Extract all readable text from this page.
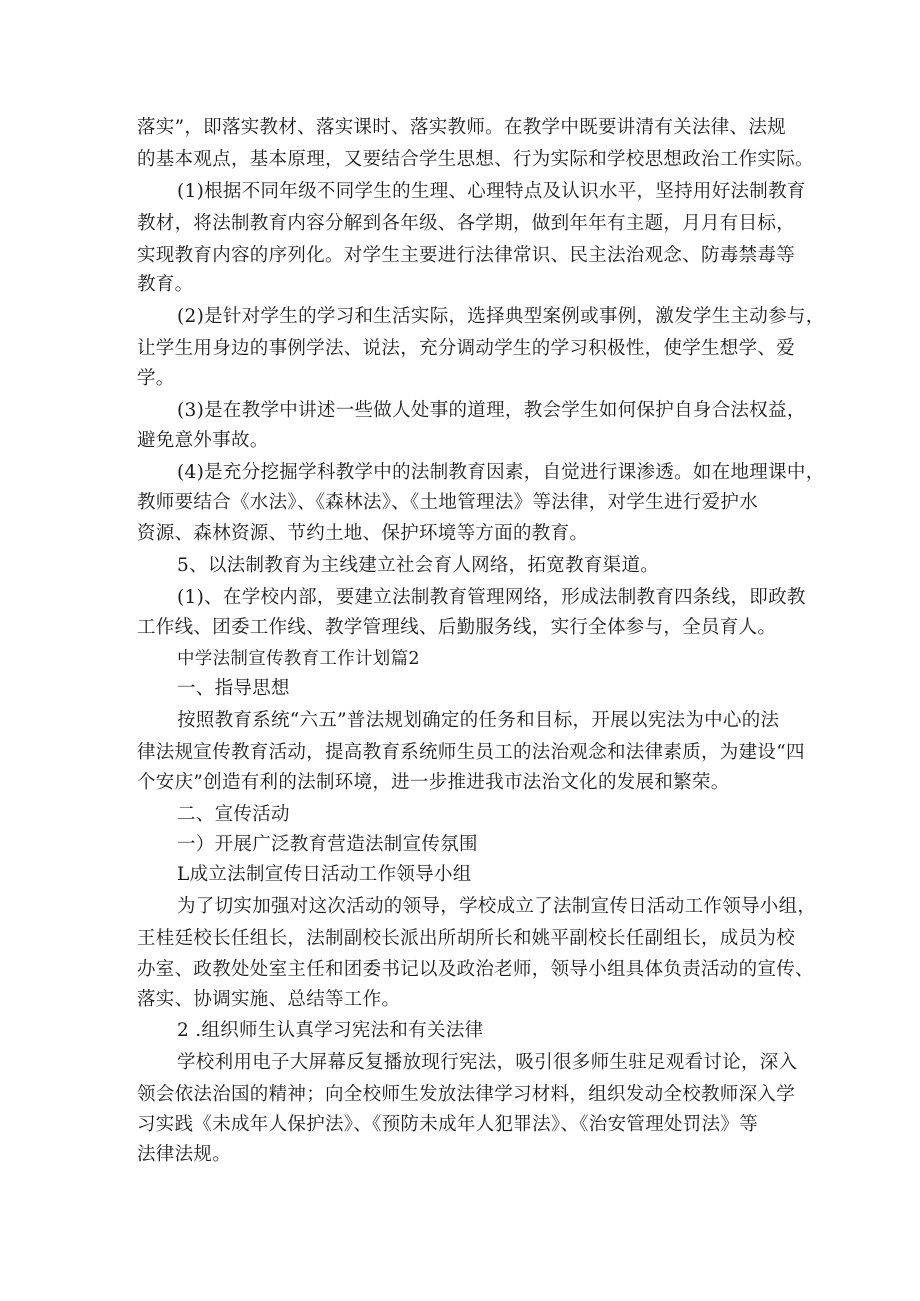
落实”，即落实教材、落实课时、落实教师。在教学中既要讲清有关法律、法规
的基本观点，基本原理，又要结合学生思想、行为实际和学校思想政治工作实际。
(1)根据不同年级不同学生的生理、心理特点及认识水平，坚持用好法制教育
教材，将法制教育内容分解到各年级、各学期，做到年年有主题，月月有目标，
实现教育内容的序列化。对学生主要进行法律常识、民主法治观念、防毒禁毒等
教育。
(2)是针对学生的学习和生活实际，选择典型案例或事例，激发学生主动参与，
让学生用身边的事例学法、说法，充分调动学生的学习积极性，使学生想学、爱
学。
(3)是在教学中讲述一些做人处事的道理，教会学生如何保护自身合法权益，
避免意外事故。
(4)是充分挖掘学科教学中的法制教育因素，自觉进行课渗透。如在地理课中，
教师要结合《水法》、《森林法》、《土地管理法》等法律，对学生进行爱护水
资源、森林资源、节约土地、保护环境等方面的教育。
5、以法制教育为主线建立社会育人网络，拓宽教育渠道。
(1)、在学校内部，要建立法制教育管理网络，形成法制教育四条线，即政教
工作线、团委工作线、教学管理线、后勤服务线，实行全体参与，全员育人。
中学法制宣传教育工作计划篇2
一、指导思想
按照教育系统“六五”普法规划确定的任务和目标，开展以宪法为中心的法
律法规宣传教育活动，提高教育系统师生员工的法治观念和法律素质，为建设“四
个安庆”创造有利的法制环境，进一步推进我市法治文化的发展和繁荣。
二、宣传活动
一）开展广泛教育营造法制宣传氛围
L成立法制宣传日活动工作领导小组
为了切实加强对这次活动的领导，学校成立了法制宣传日活动工作领导小组，
王桂廷校长任组长，法制副校长派出所胡所长和姚平副校长任副组长，成员为校
办室、政教处处室主任和团委书记以及政治老师，领导小组具体负责活动的宣传、
落实、协调实施、总结等工作。
2 .组织师生认真学习宪法和有关法律
学校利用电子大屏幕反复播放现行宪法，吸引很多师生驻足观看讨论，深入
领会依法治国的精神；向全校师生发放法律学习材料，组织发动全校教师深入学
习实践《未成年人保护法》、《预防未成年人犯罪法》、《治安管理处罚法》等
法律法规。
